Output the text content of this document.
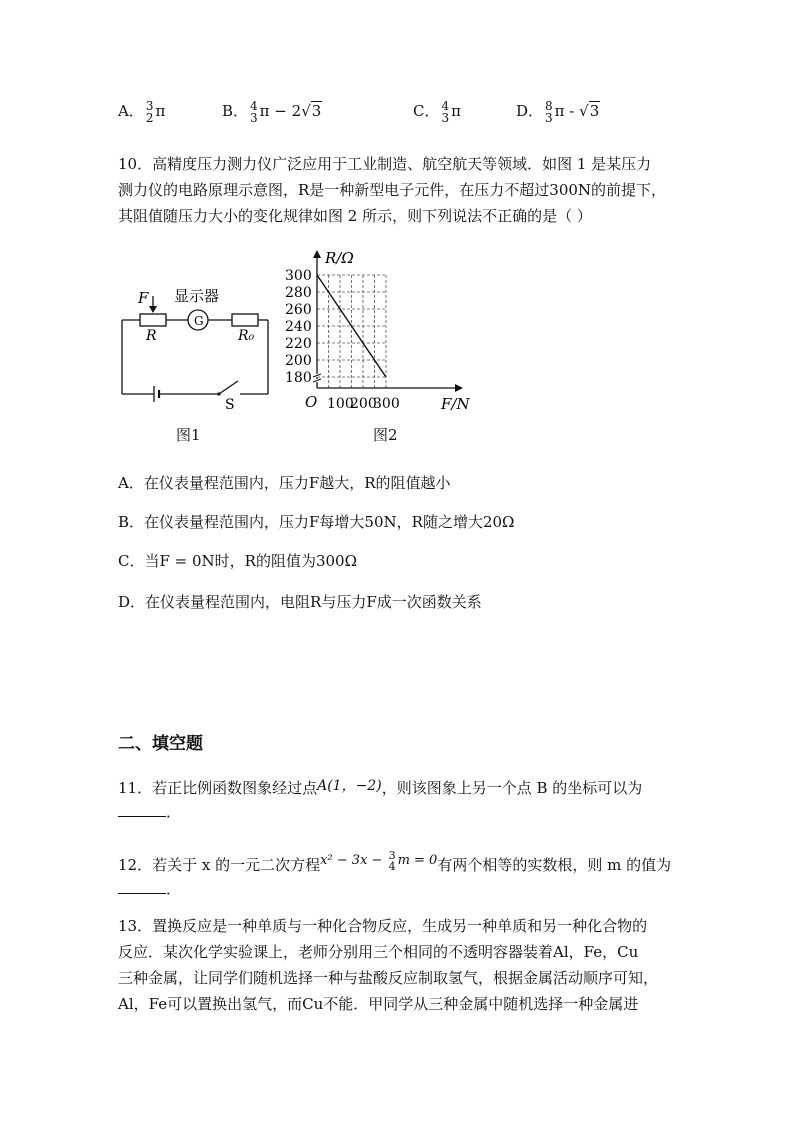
A． 3
2 π	B． 4
3 π − 2√3	C． 4
3 π	D． 8
3 π - √3
10．高精度压力测力仪广泛应用于工业制造、航空航天等领域．如图 1 是某压力
测力仪的电路原理示意图，R是一种新型电子元件，在压力不超过300N的前提下，
其阻值随压力大小的变化规律如图 2 所示，则下列说法不正确的是（ ）
F 显示器
G
R	R₀
S
图1
180
200
220
240
260
280
300
100
200
300
R/Ω
F/N
O
图2
A．在仪表量程范围内，压力F越大，R的阻值越小
B．在仪表量程范围内，压力F每增大50N，R随之增大20Ω
C．当F = 0N时，R的阻值为300Ω
D．在仪表量程范围内，电阻R与压力F成一次函数关系
二、填空题
11．若正比例函数图象经过点A(1，−2)，则该图象上另一个点 B 的坐标可以为
．
12．若关于 x 的一元二次方程x² − 3x − 3
4 m = 0有两个相等的实数根，则 m 的值为
．
13．置换反应是一种单质与一种化合物反应，生成另一种单质和另一种化合物的
反应．某次化学实验课上，老师分别用三个相同的不透明容器装着Al，Fe，Cu
三种金属，让同学们随机选择一种与盐酸反应制取氢气，根据金属活动顺序可知，
Al，Fe可以置换出氢气，而Cu不能．甲同学从三种金属中随机选择一种金属进
